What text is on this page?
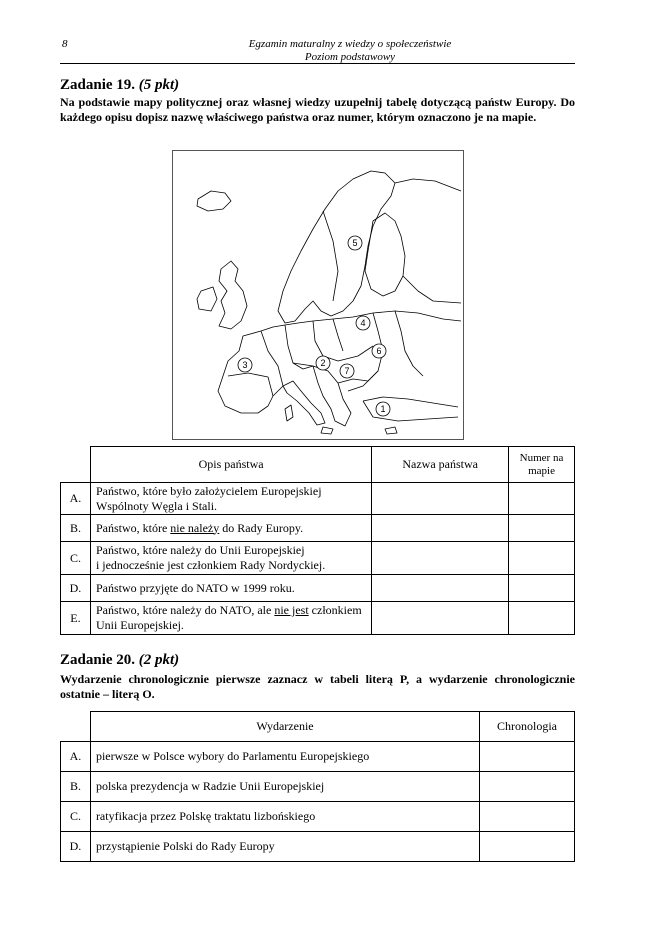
8	Egzamin maturalny z wiedzy o społeczeństwie
Poziom podstawowy
Zadanie 19. (5 pkt)
Na podstawie mapy politycznej oraz własnej wiedzy uzupełnij tabelę dotyczącą państw Europy. Do każdego opisu dopisz nazwę właściwego państwa oraz numer, którym oznaczono je na mapie.
1
2
3
4
5
6
7
	Opis państwa	Nazwa państwa	Numer na mapie
A.	Państwo, które było założycielem Europejskiej Wspólnoty Węgla i Stali.		
B.	Państwo, które nie należy do Rady Europy.		
C.	Państwo, które należy do Unii Europejskiej
i jednocześnie jest członkiem Rady Nordyckiej.		

D.	Państwo przyjęte do NATO w 1999 roku.		
E.	Państwo, które należy do NATO, ale nie jest członkiem Unii Europejskiej.		
Zadanie 20. (2 pkt)
Wydarzenie chronologicznie pierwsze zaznacz w tabeli literą P, a wydarzenie chronologicznie ostatnie – literą O.
	Wydarzenie	Chronologia
A.	pierwsze w Polsce wybory do Parlamentu Europejskiego	
B.	polska prezydencja w Radzie Unii Europejskiej	
C.	ratyfikacja przez Polskę traktatu lizbońskiego	
D.	przystąpienie Polski do Rady Europy	
